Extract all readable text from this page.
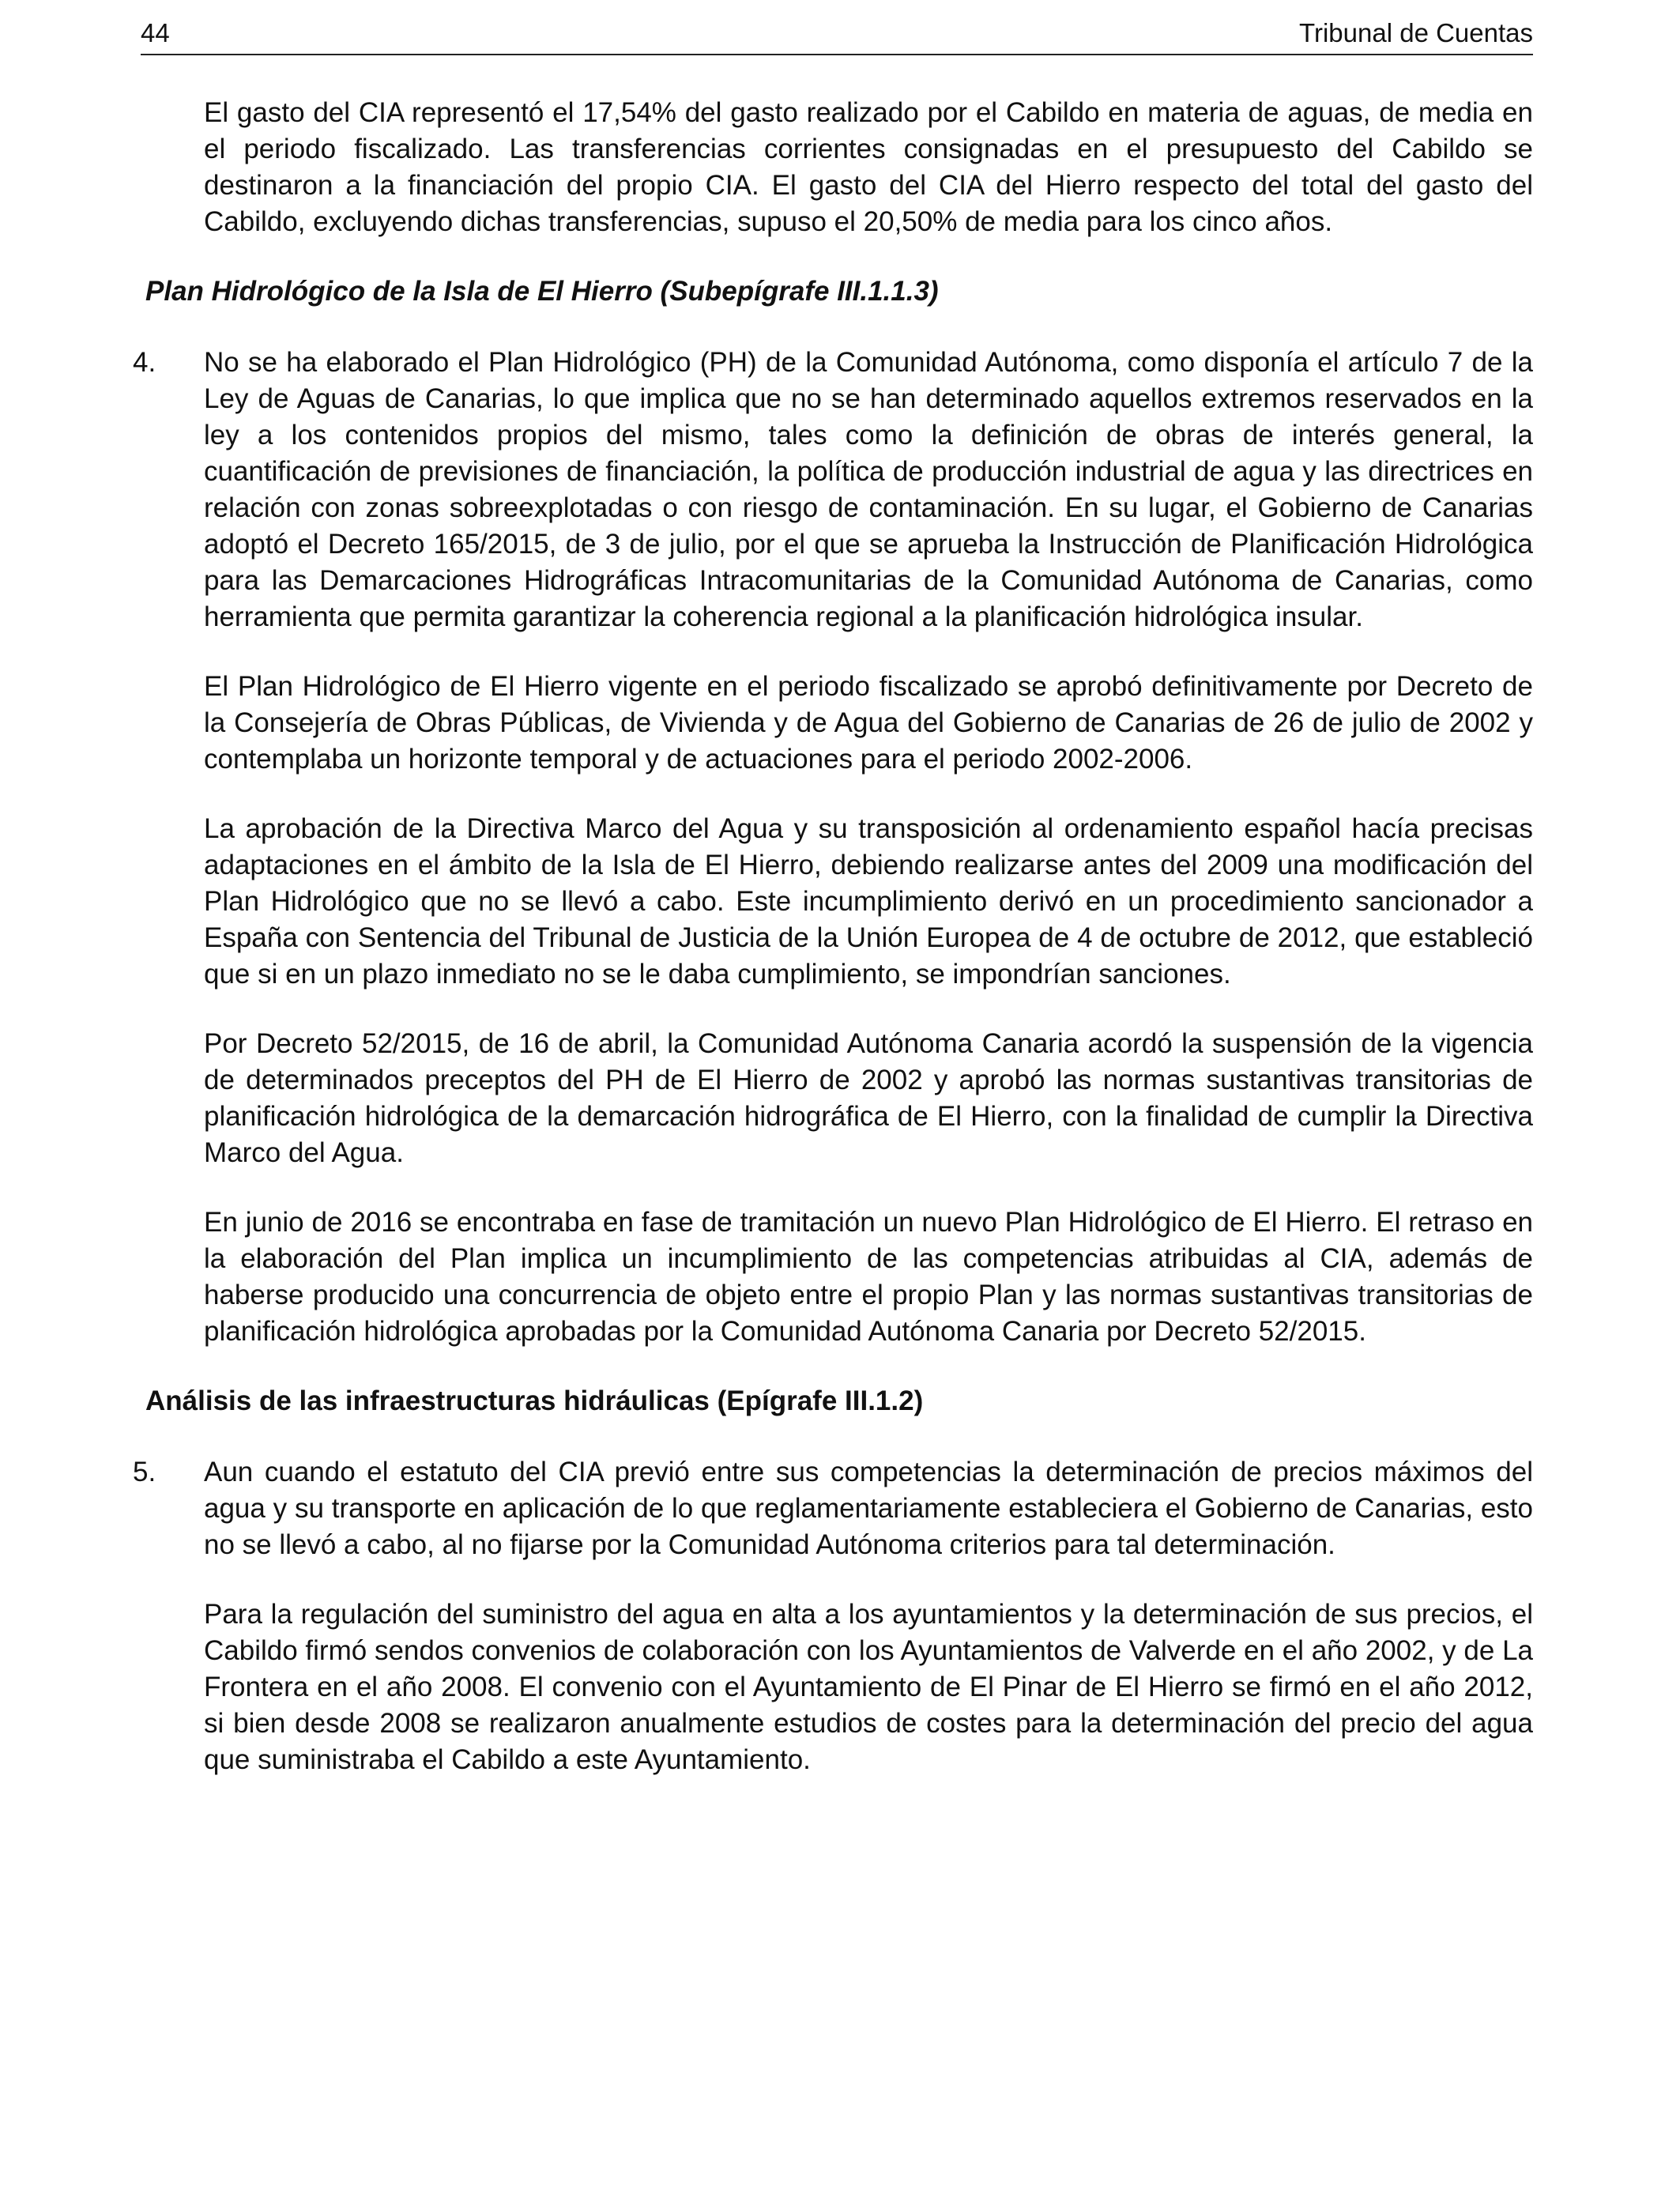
44	Tribunal de Cuentas

El gasto del CIA representó el 17,54% del gasto realizado por el Cabildo en materia de aguas, de media en el periodo fiscalizado. Las transferencias corrientes consignadas en el presupuesto del Cabildo se destinaron a la financiación del propio CIA. El gasto del CIA del Hierro respecto del total del gasto del Cabildo, excluyendo dichas transferencias, supuso el 20,50% de media para los cinco años.

Plan Hidrológico de la Isla de El Hierro (Subepígrafe III.1.1.3)
4.	No se ha elaborado el Plan Hidrológico (PH) de la Comunidad Autónoma, como disponía el artículo 7 de la Ley de Aguas de Canarias, lo que implica que no se han determinado aquellos extremos reservados en la ley a los contenidos propios del mismo, tales como la definición de obras de interés general, la cuantificación de previsiones de financiación, la política de producción industrial de agua y las directrices en relación con zonas sobreexplotadas o con riesgo de contaminación. En su lugar, el Gobierno de Canarias adoptó el Decreto 165/2015, de 3 de julio, por el que se aprueba la Instrucción de Planificación Hidrológica para las Demarcaciones Hidrográficas Intracomunitarias de la Comunidad Autónoma de Canarias, como herramienta que permita garantizar la coherencia regional a la planificación hidrológica insular.

El Plan Hidrológico de El Hierro vigente en el periodo fiscalizado se aprobó definitivamente por Decreto de la Consejería de Obras Públicas, de Vivienda y de Agua del Gobierno de Canarias de 26 de julio de 2002 y contemplaba un horizonte temporal y de actuaciones para el periodo 2002-2006.

La aprobación de la Directiva Marco del Agua y su transposición al ordenamiento español hacía precisas adaptaciones en el ámbito de la Isla de El Hierro, debiendo realizarse antes del 2009 una modificación del Plan Hidrológico que no se llevó a cabo. Este incumplimiento derivó en un procedimiento sancionador a España con Sentencia del Tribunal de Justicia de la Unión Europea de 4 de octubre de 2012, que estableció que si en un plazo inmediato no se le daba cumplimiento, se impondrían sanciones.

Por Decreto 52/2015, de 16 de abril, la Comunidad Autónoma Canaria acordó la suspensión de la vigencia de determinados preceptos del PH de El Hierro de 2002 y aprobó las normas sustantivas transitorias de planificación hidrológica de la demarcación hidrográfica de El Hierro, con la finalidad de cumplir la Directiva Marco del Agua.

En junio de 2016 se encontraba en fase de tramitación un nuevo Plan Hidrológico de El Hierro. El retraso en la elaboración del Plan implica un incumplimiento de las competencias atribuidas al CIA, además de haberse producido una concurrencia de objeto entre el propio Plan y las normas sustantivas transitorias de planificación hidrológica aprobadas por la Comunidad Autónoma Canaria por Decreto 52/2015.

Análisis de las infraestructuras hidráulicas (Epígrafe III.1.2)
5.	Aun cuando el estatuto del CIA previó entre sus competencias la determinación de precios máximos del agua y su transporte en aplicación de lo que reglamentariamente estableciera el Gobierno de Canarias, esto no se llevó a cabo, al no fijarse por la Comunidad Autónoma criterios para tal determinación.

Para la regulación del suministro del agua en alta a los ayuntamientos y la determinación de sus precios, el Cabildo firmó sendos convenios de colaboración con los Ayuntamientos de Valverde en el año 2002, y de La Frontera en el año 2008. El convenio con el Ayuntamiento de El Pinar de El Hierro se firmó en el año 2012, si bien desde 2008 se realizaron anualmente estudios de costes para la determinación del precio del agua que suministraba el Cabildo a este Ayuntamiento.
